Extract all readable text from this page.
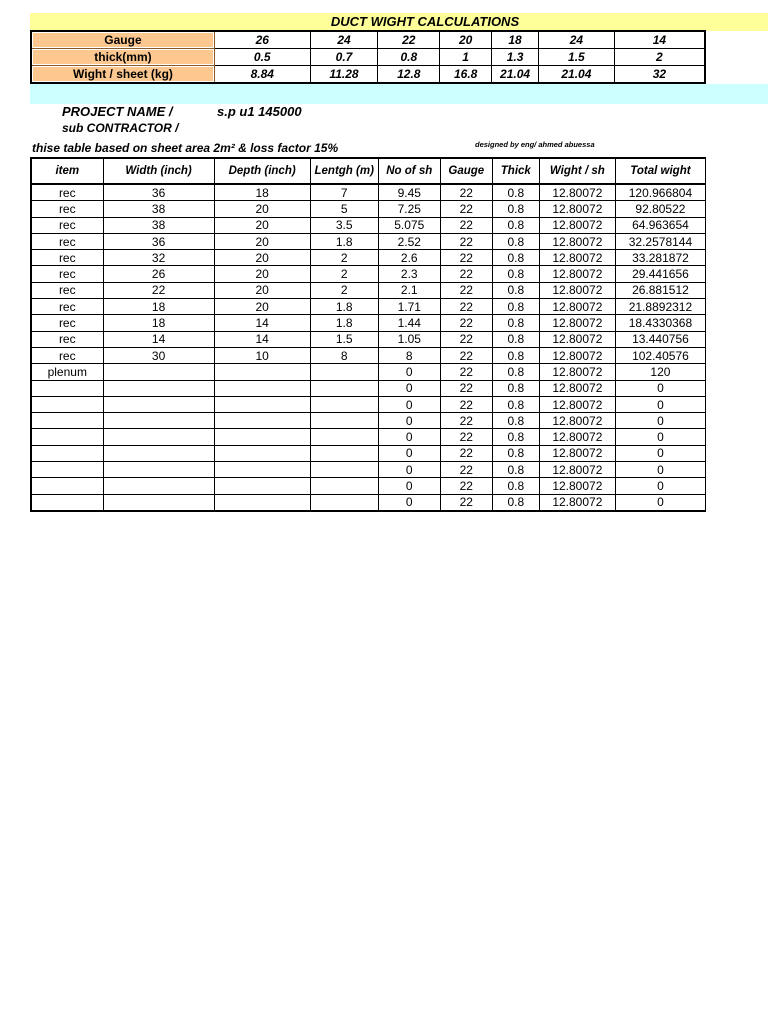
DUCT WIGHT CALCULATIONS
Gauge	26	24	22	20	18	24	14
thick(mm)	0.5	0.7	0.8	1	1.3	1.5	2
Wight / sheet (kg)	8.84	11.28	12.8	16.8	21.04	21.04	32
PROJECT NAME /	s.p u1 145000
sub CONTRACTOR /
thise table based on sheet area 2m² & loss factor 15%	designed by eng/ ahmed abuessa
item	Width (inch)	Depth (inch)	Lentgh (m)	No of sh	Gauge	Thick	Wight / sh	Total wight
rec	36	18	7	9.45	22	0.8	12.80072	120.966804
rec	38	20	5	7.25	22	0.8	12.80072	92.80522
rec	38	20	3.5	5.075	22	0.8	12.80072	64.963654
rec	36	20	1.8	2.52	22	0.8	12.80072	32.2578144
rec	32	20	2	2.6	22	0.8	12.80072	33.281872
rec	26	20	2	2.3	22	0.8	12.80072	29.441656
rec	22	20	2	2.1	22	0.8	12.80072	26.881512
rec	18	20	1.8	1.71	22	0.8	12.80072	21.8892312
rec	18	14	1.8	1.44	22	0.8	12.80072	18.4330368
rec	14	14	1.5	1.05	22	0.8	12.80072	13.440756
rec	30	10	8	8	22	0.8	12.80072	102.40576
plenum				0	22	0.8	12.80072	120
				0	22	0.8	12.80072	0
				0	22	0.8	12.80072	0
				0	22	0.8	12.80072	0
				0	22	0.8	12.80072	0
				0	22	0.8	12.80072	0
				0	22	0.8	12.80072	0
				0	22	0.8	12.80072	0
				0	22	0.8	12.80072	0
